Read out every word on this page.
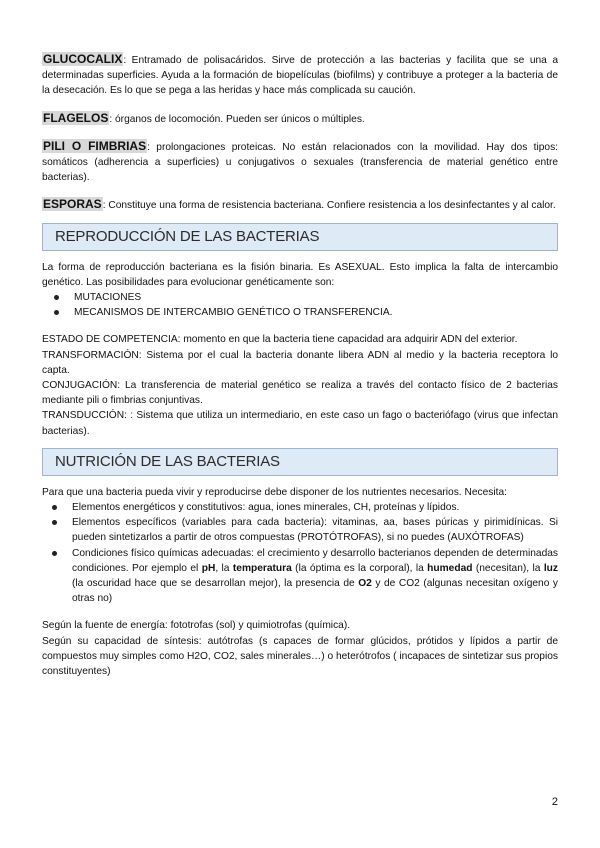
GLUCOCALIX: Entramado de polisacáridos. Sirve de protección a las bacterias y facilita que se una a determinadas superficies. Ayuda a la formación de biopelículas (biofilms) y contribuye a proteger a la bacteria de la desecación. Es lo que se pega a las heridas y hace más complicada su caución.

FLAGELOS: órganos de locomoción. Pueden ser únicos o múltiples.

PILI O FIMBRIAS: prolongaciones proteicas. No están relacionados con la movilidad. Hay dos tipos: somáticos (adherencia a superficies) u conjugativos o sexuales (transferencia de material genético entre bacterias).

ESPORAS: Constituye una forma de resistencia bacteriana. Confiere resistencia a los desinfectantes y al calor.

REPRODUCCIÓN DE LAS BACTERIAS

La forma de reproducción bacteriana es la fisión binaria. Es ASEXUAL. Esto implica la falta de intercambio genético. Las posibilidades para evolucionar genéticamente son:

MUTACIONES
MECANISMOS DE INTERCAMBIO GENÉTICO O TRANSFERENCIA.

ESTADO DE COMPETENCIA: momento en que la bacteria tiene capacidad ara adquirir ADN del exterior.

TRANSFORMACIÓN: Sistema por el cual la bacteria donante libera ADN al medio y la bacteria receptora lo capta.

CONJUGACIÓN: La transferencia de material genético se realiza a través del contacto físico de 2 bacterias mediante pili o fimbrias conjuntivas.

TRANSDUCCIÓN: : Sistema que utiliza un intermediario, en este caso un fago o bacteriófago (virus que infectan bacterias).

NUTRICIÓN DE LAS BACTERIAS

Para que una bacteria pueda vivir y reproducirse debe disponer de los nutrientes necesarios. Necesita:

Elementos energéticos y constitutivos: agua, iones minerales, CH, proteínas y lípidos.
Elementos específicos (variables para cada bacteria): vitaminas, aa, bases púricas y pirimidínicas. Si pueden sintetizarlos a partir de otros compuestas (PROTÓTROFAS), si no puedes (AUXÓTROFAS)
Condiciones físico químicas adecuadas: el crecimiento y desarrollo bacterianos dependen de determinadas condiciones. Por ejemplo el pH, la temperatura (la óptima es la corporal), la humedad (necesitan), la luz (la oscuridad hace que se desarrollan mejor), la presencia de O2 y de CO2 (algunas necesitan oxígeno y otras no)

Según la fuente de energía: fototrofas (sol) y quimiotrofas (química).

Según su capacidad de síntesis: autótrofas (s capaces de formar glúcidos, prótidos y lípidos a partir de compuestos muy simples como H2O, CO2, sales minerales…) o heterótrofos ( incapaces de sintetizar sus propios constituyentes)

2
